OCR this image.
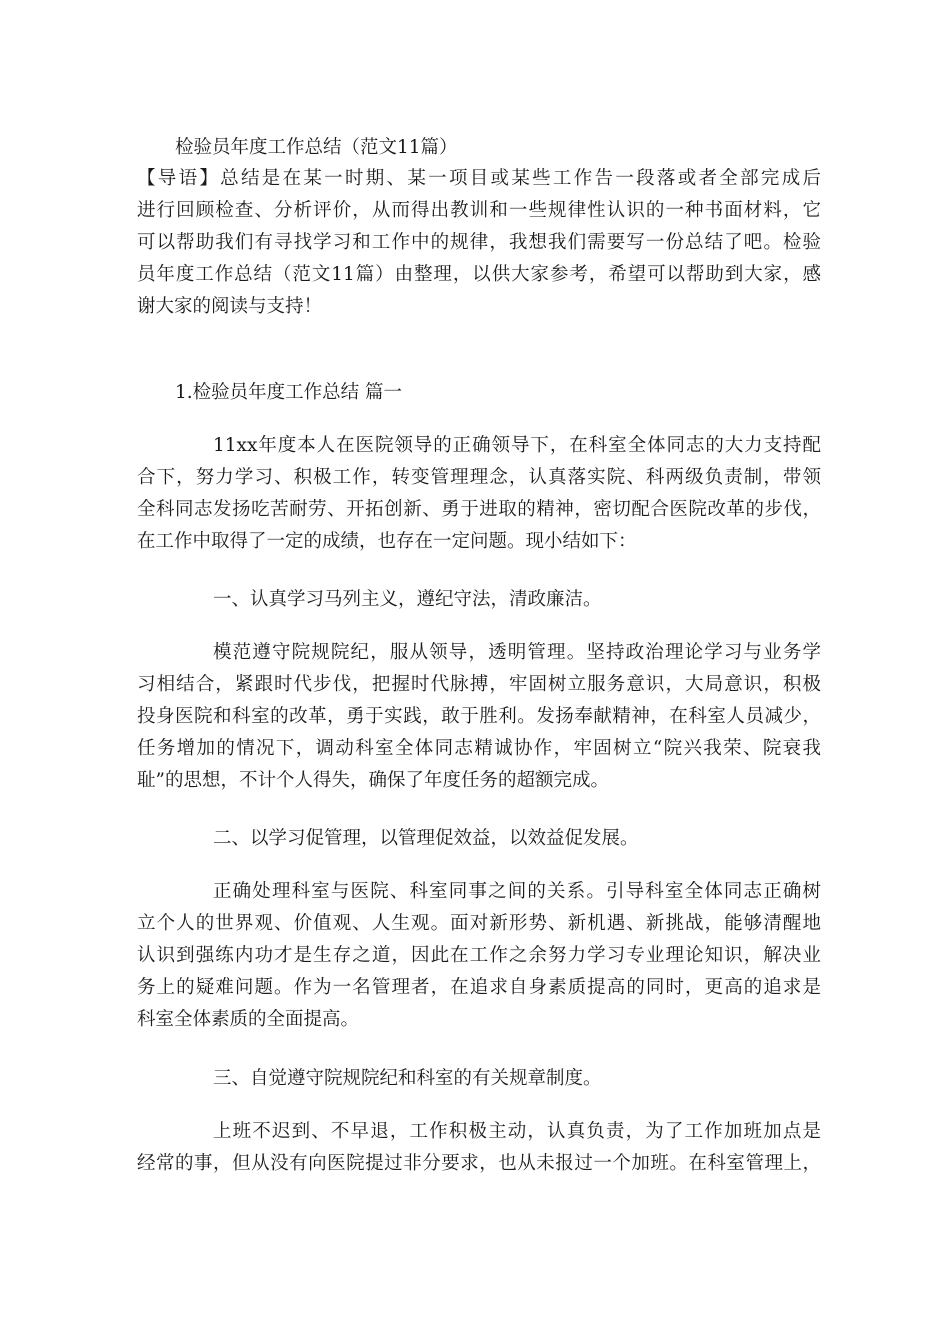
检验员年度工作总结（范文11篇）
【导语】总结是在某一时期、某一项目或某些工作告一段落或者全部完成后
进行回顾检查、分析评价，从而得出教训和一些规律性认识的一种书面材料，它
可以帮助我们有寻找学习和工作中的规律，我想我们需要写一份总结了吧。检验
员年度工作总结（范文11篇）由整理，以供大家参考，希望可以帮助到大家，感
谢大家的阅读与支持！
1.检验员年度工作总结 篇一
11xx年度本人在医院领导的正确领导下，在科室全体同志的大力支持配
合下，努力学习、积极工作，转变管理理念，认真落实院、科两级负责制，带领
全科同志发扬吃苦耐劳、开拓创新、勇于进取的精神，密切配合医院改革的步伐，
在工作中取得了一定的成绩，也存在一定问题。现小结如下：
一、认真学习马列主义，遵纪守法，清政廉洁。
模范遵守院规院纪，服从领导，透明管理。坚持政治理论学习与业务学
习相结合，紧跟时代步伐，把握时代脉搏，牢固树立服务意识，大局意识，积极
投身医院和科室的改革，勇于实践，敢于胜利。发扬奉献精神，在科室人员减少，
任务增加的情况下，调动科室全体同志精诚协作，牢固树立“院兴我荣、院衰我
耻”的思想，不计个人得失，确保了年度任务的超额完成。
二、以学习促管理，以管理促效益，以效益促发展。
正确处理科室与医院、科室同事之间的关系。引导科室全体同志正确树
立个人的世界观、价值观、人生观。面对新形势、新机遇、新挑战，能够清醒地
认识到强练内功才是生存之道，因此在工作之余努力学习专业理论知识，解决业
务上的疑难问题。作为一名管理者，在追求自身素质提高的同时，更高的追求是
科室全体素质的全面提高。
三、自觉遵守院规院纪和科室的有关规章制度。
上班不迟到、不早退，工作积极主动，认真负责，为了工作加班加点是
经常的事，但从没有向医院提过非分要求，也从未报过一个加班。在科室管理上，
